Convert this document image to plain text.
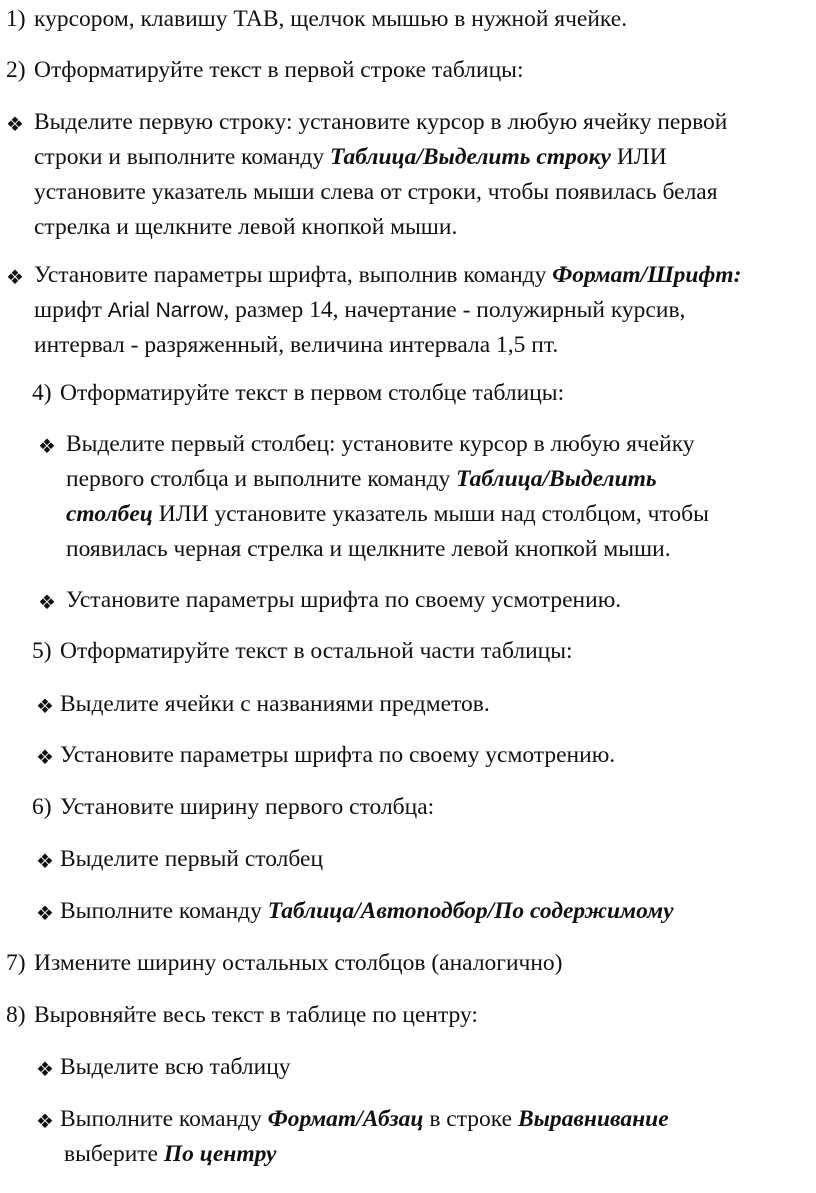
1) курсором, клавишу TAB, щелчок мышью в нужной ячейке.
2) Отформатируйте текст в первой строке таблицы:
❖ Выделите первую строку: установите курсор в любую ячейку первой
строки и выполните команду Таблица/Выделить строку ИЛИ
установите указатель мыши слева от строки, чтобы появилась белая
стрелка и щелкните левой кнопкой мыши.
❖ Установите параметры шрифта, выполнив команду Формат/Шрифт:
шрифт Arial Narrow, размер 14, начертание - полужирный курсив,
интервал - разряженный, величина интервала 1,5 пт.
4) Отформатируйте текст в первом столбце таблицы:
❖ Выделите первый столбец: установите курсор в любую ячейку
первого столбца и выполните команду Таблица/Выделить
столбец ИЛИ установите указатель мыши над столбцом, чтобы
появилась черная стрелка и щелкните левой кнопкой мыши.
❖ Установите параметры шрифта по своему усмотрению.
5) Отформатируйте текст в остальной части таблицы:
❖ Выделите ячейки с названиями предметов.
❖ Установите параметры шрифта по своему усмотрению.
6) Установите ширину первого столбца:
❖ Выделите первый столбец
❖ Выполните команду Таблица/Автоподбор/По содержимому
7) Измените ширину остальных столбцов (аналогично)
8) Выровняйте весь текст в таблице по центру:
❖ Выделите всю таблицу
❖ Выполните команду Формат/Абзац в строке Выравнивание
выберите По центру
